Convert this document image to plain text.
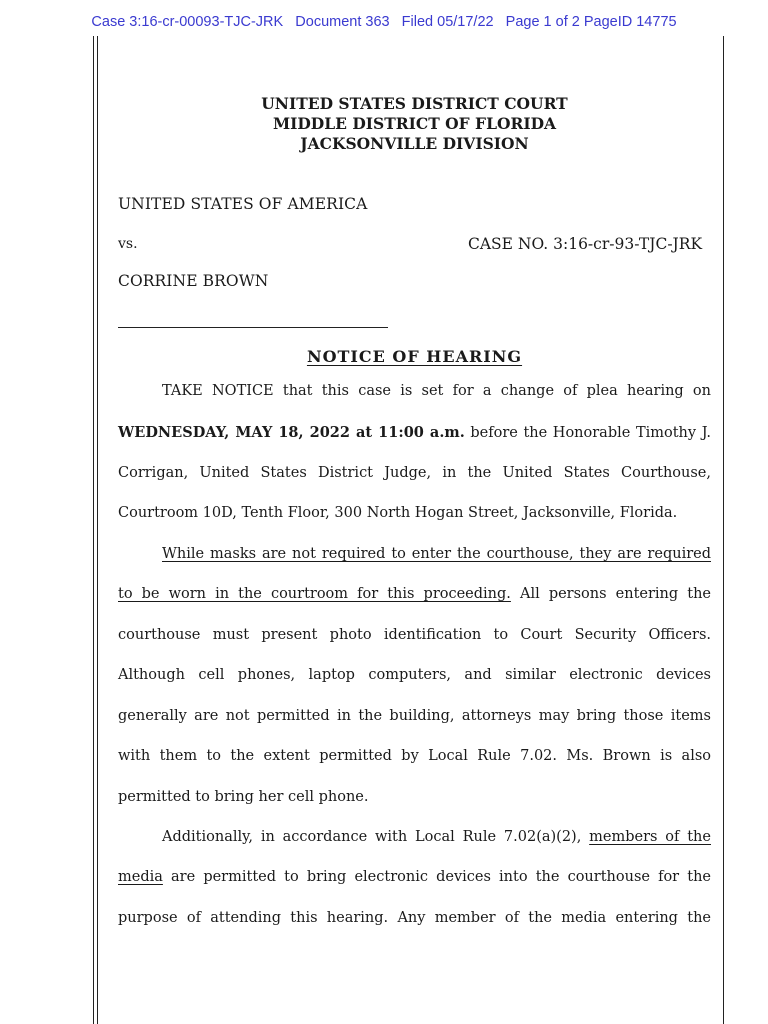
Case 3:16-cr-00093-TJC-JRK   Document 363   Filed 05/17/22   Page 1 of 2 PageID 14775
UNITED STATES DISTRICT COURT
MIDDLE DISTRICT OF FLORIDA
JACKSONVILLE DIVISION
UNITED STATES OF AMERICA
vs.	CASE NO. 3:16-cr-93-TJC-JRK
CORRINE BROWN
NOTICE OF HEARING
TAKE NOTICE that this case is set for a change of plea hearing on
WEDNESDAY, MAY 18, 2022 at 11:00 a.m. before the Honorable Timothy J.
Corrigan, United States District Judge, in the United States Courthouse,
Courtroom 10D, Tenth Floor, 300 North Hogan Street, Jacksonville, Florida.
While masks are not required to enter the courthouse, they are required
to be worn in the courtroom for this proceeding. All persons entering the
courthouse must present photo identification to Court Security Officers.
Although cell phones, laptop computers, and similar electronic devices
generally are not permitted in the building, attorneys may bring those items
with them to the extent permitted by Local Rule 7.02. Ms. Brown is also
permitted to bring her cell phone.
Additionally, in accordance with Local Rule 7.02(a)(2), members of the
media are permitted to bring electronic devices into the courthouse for the
purpose of attending this hearing. Any member of the media entering the
